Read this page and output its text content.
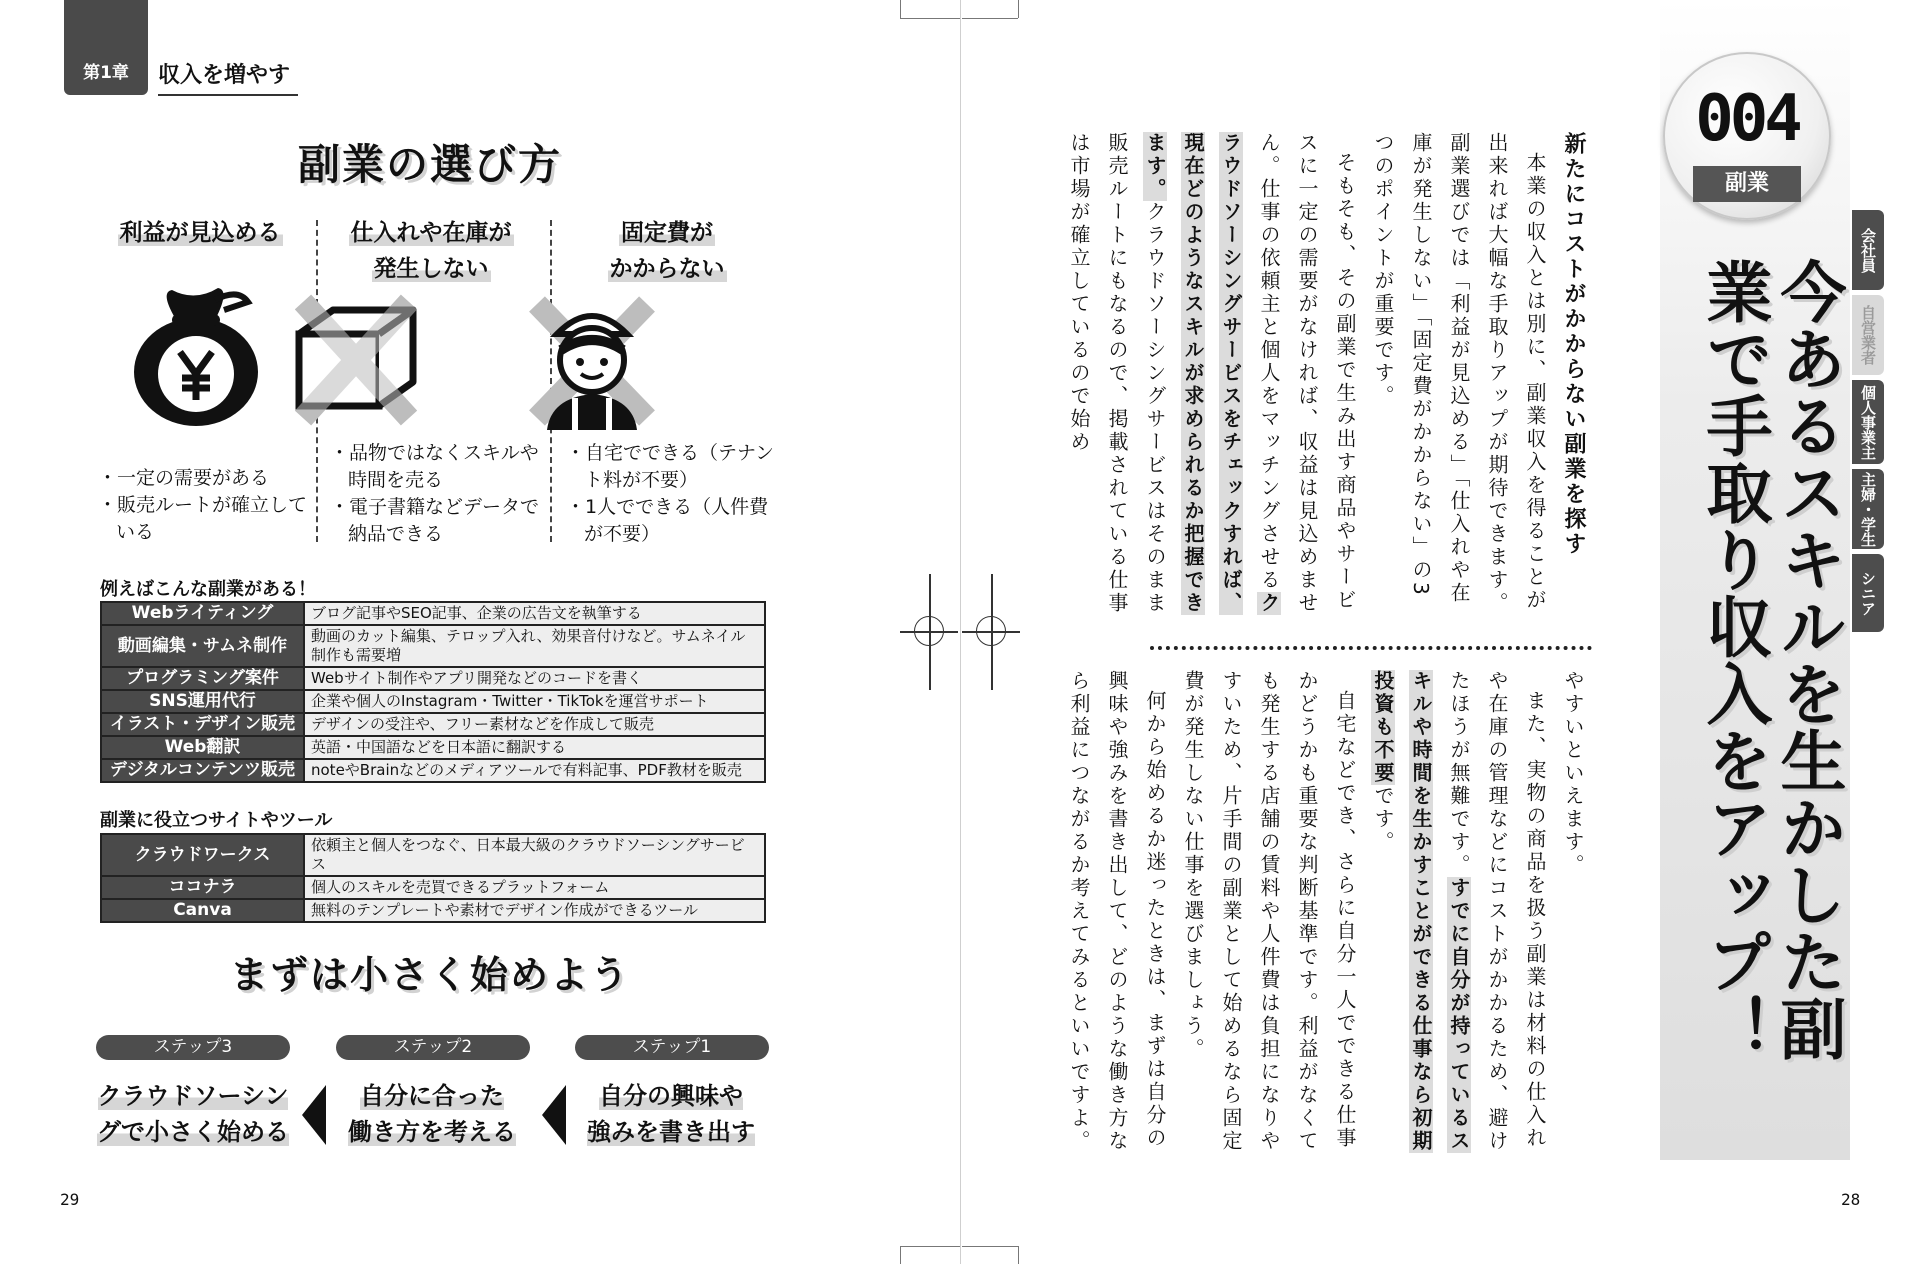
第1章	収入を増やす
副業の選び方
利益が見込める
・一定の需要がある
・販売ルートが確立している
仕入れや在庫が
発生しない
・品物ではなくスキルや時間を売る
・電子書籍などデータで納品できる
固定費が
かからない
・自宅でできる（テナント料が不要）
・1人でできる（人件費が不要）
例えばこんな副業がある！
Webライティング	ブログ記事やSEO記事、企業の広告文を執筆する
動画編集・サムネ制作	動画のカット編集、テロップ入れ、効果音付けなど。サムネイル制作も需要増
プログラミング案件	Webサイト制作やアプリ開発などのコードを書く
SNS運用代行	企業や個人のInstagram・Twitter・TikTokを運営サポート
イラスト・デザイン販売	デザインの受注や、フリー素材などを作成して販売
Web翻訳	英語・中国語などを日本語に翻訳する
デジタルコンテンツ販売	noteやBrainなどのメディアツールで有料記事、PDF教材を販売
副業に役立つサイトやツール
クラウドワークス	依頼主と個人をつなぐ、日本最大級のクラウドソーシングサービス
ココナラ	個人のスキルを売買できるプラットフォーム
Canva	無料のテンプレートや素材でデザイン作成ができるツール
まずは小さく始めよう
ステップ3	ステップ2	ステップ1
クラウドソーシン
グで小さく始める
自分に合った
働き方を考える
自分の興味や
強みを書き出す
29
004
副業
会社員
自営業者
個人事業主
主婦・学生
シニア
今あるスキルを生かした副業で手取り収入をアップ！
新たにコストがかからない副業を探す

本業の収入とは別に、副業収入を得ることが出来れば大幅な手取りアップが期待できます。副業選びでは「利益が見込める」「仕入れや在庫が発生しない」「固定費がかからない」の3つのポイントが重要です。

そもそも、その副業で生み出す商品やサービスに一定の需要がなければ、収益は見込めません。仕事の依頼主と個人をマッチングさせるクラウドソーシングサービスをチェックすれば、現在どのようなスキルが求められるか把握できます。クラウドソーシングサービスはそのまま販売ルートにもなるので、掲載されている仕事は市場が確立しているので始め

やすいといえます。

また、実物の商品を扱う副業は材料の仕入れや在庫の管理などにコストがかかるため、避けたほうが無難です。すでに自分が持っているスキルや時間を生かすことができる仕事なら初期投資も不要です。

自宅などでき、さらに自分一人でできる仕事かどうかも重要な判断基準です。利益がなくても発生する店舗の賃料や人件費は負担になりやすいため、片手間の副業として始めるなら固定費が発生しない仕事を選びましょう。

何から始めるか迷ったときは、まずは自分の興味や強みを書き出して、どのような働き方なら利益につながるか考えてみるといいですよ。

28
